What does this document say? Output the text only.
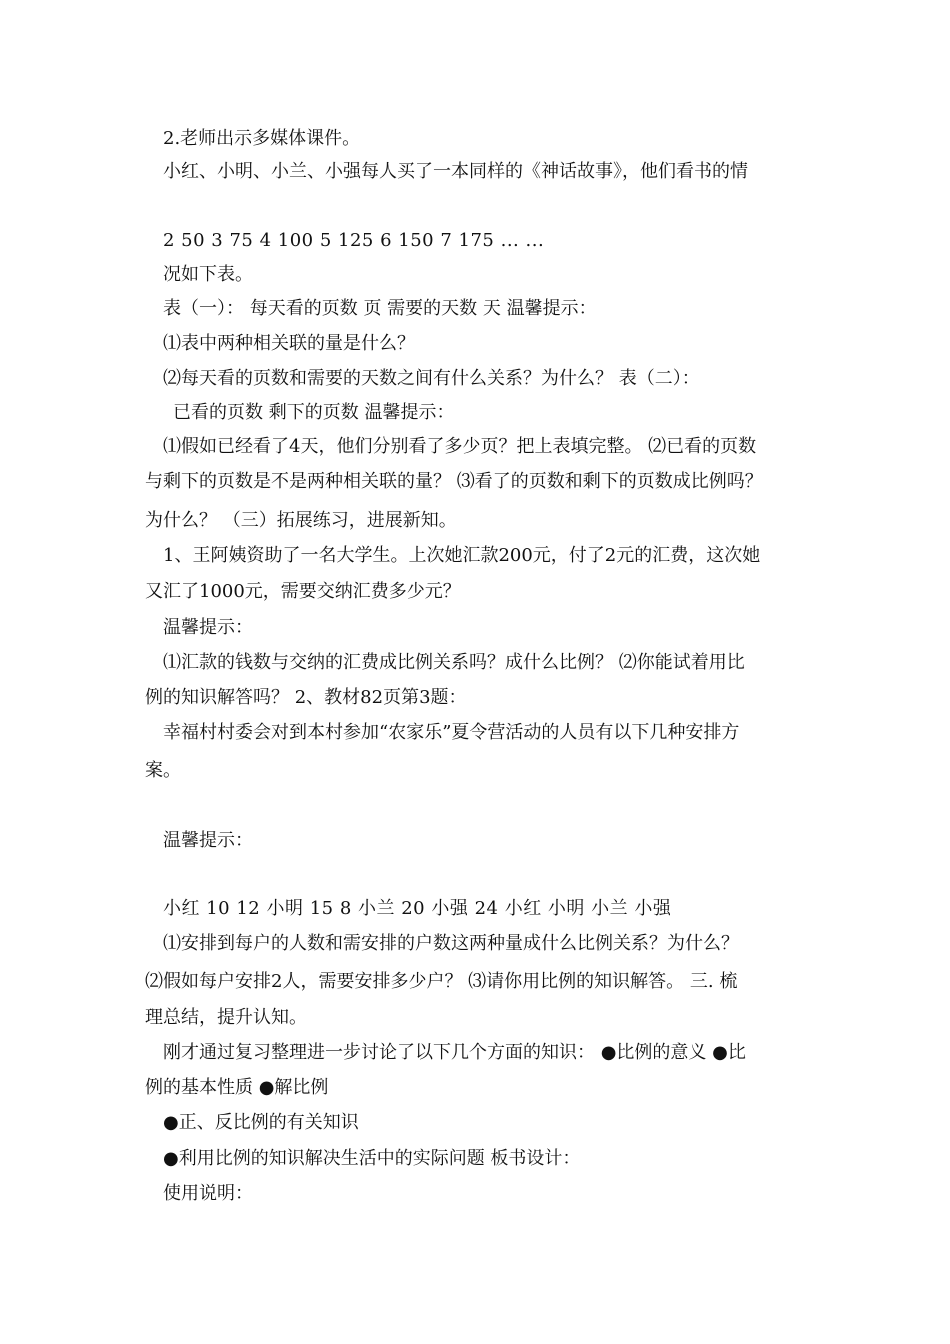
2.老师出示多媒体课件。
小红、小明、小兰、小强每人买了一本同样的《神话故事》，他们看书的情
2 50 3 75 4 100 5 125 6 150 7 175 ... ...
况如下表。
表（一）： 每天看的页数 页 需要的天数 天 温馨提示：
⑴表中两种相关联的量是什么？
⑵每天看的页数和需要的天数之间有什么关系？为什么？ 表（二）：
已看的页数 剩下的页数 温馨提示：
⑴假如已经看了4天，他们分别看了多少页？把上表填完整。 ⑵已看的页数
与剩下的页数是不是两种相关联的量？ ⑶看了的页数和剩下的页数成比例吗？
为什么？ （三）拓展练习，进展新知。
1、王阿姨资助了一名大学生。上次她汇款200元，付了2元的汇费，这次她
又汇了1000元，需要交纳汇费多少元？
温馨提示：
⑴汇款的钱数与交纳的汇费成比例关系吗？成什么比例？ ⑵你能试着用比
例的知识解答吗？ 2、教材82页第3题：
幸福村村委会对到本村参加“农家乐”夏令营活动的人员有以下几种安排方
案。
温馨提示：
小红 10 12 小明 15 8 小兰 20 小强 24 小红 小明 小兰 小强
⑴安排到每户的人数和需安排的户数这两种量成什么比例关系？为什么？
⑵假如每户安排2人，需要安排多少户？ ⑶请你用比例的知识解答。 三. 梳
理总结，提升认知。
刚才通过复习整理进一步讨论了以下几个方面的知识： ●比例的意义 ●比
例的基本性质 ●解比例
●正、反比例的有关知识
●利用比例的知识解决生活中的实际问题 板书设计：
使用说明：
